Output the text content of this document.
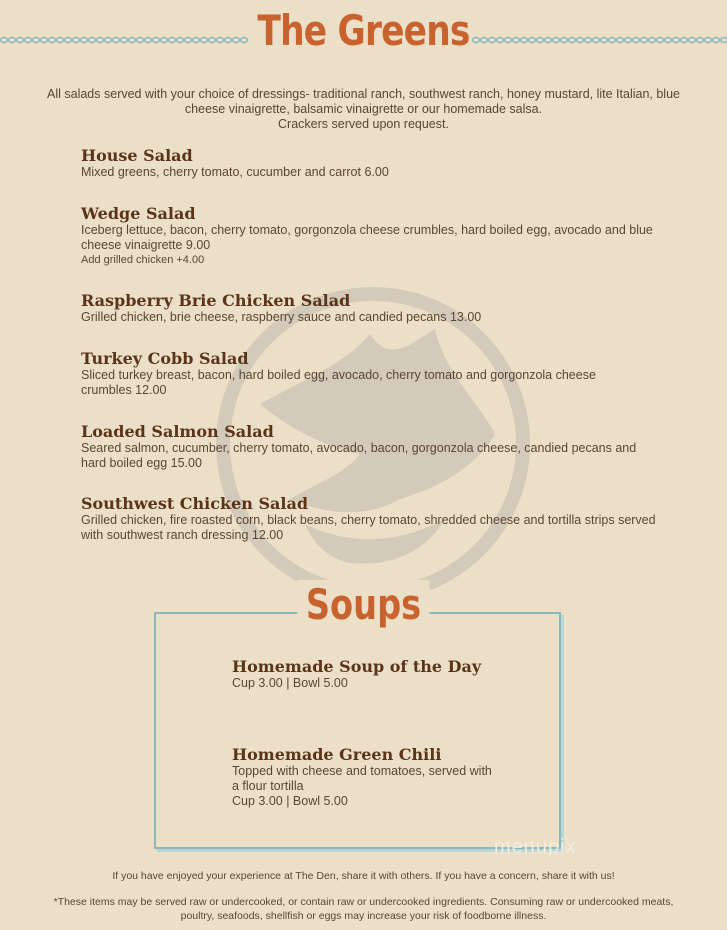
The Greens
All salads served with your choice of dressings- traditional ranch, southwest ranch, honey mustard, lite Italian, blue
cheese vinaigrette, balsamic vinaigrette or our homemade salsa.
Crackers served upon request.
House Salad
Mixed greens, cherry tomato, cucumber and carrot 6.00
Wedge Salad
Iceberg lettuce, bacon, cherry tomato, gorgonzola cheese crumbles, hard boiled egg, avocado and blue
cheese vinaigrette 9.00
Add grilled chicken +4.00
Raspberry Brie Chicken Salad
Grilled chicken, brie cheese, raspberry sauce and candied pecans 13.00
Turkey Cobb Salad
Sliced turkey breast, bacon, hard boiled egg, avocado, cherry tomato and gorgonzola cheese
crumbles 12.00
Loaded Salmon Salad
Seared salmon, cucumber, cherry tomato, avocado, bacon, gorgonzola cheese, candied pecans and
hard boiled egg 15.00
Southwest Chicken Salad
Grilled chicken, fire roasted corn, black beans, cherry tomato, shredded cheese and tortilla strips served
with southwest ranch dressing 12.00
Soups
Homemade Soup of the Day
Cup 3.00 | Bowl 5.00
Homemade Green Chili
Topped with cheese and tomatoes, served with
a flour tortilla
Cup 3.00 | Bowl 5.00
menupix
If you have enjoyed your experience at The Den, share it with others. If you have a concern, share it with us!
*These items may be served raw or undercooked, or contain raw or undercooked ingredients. Consuming raw or undercooked meats,
poultry, seafoods, shellfish or eggs may increase your risk of foodborne illness.
